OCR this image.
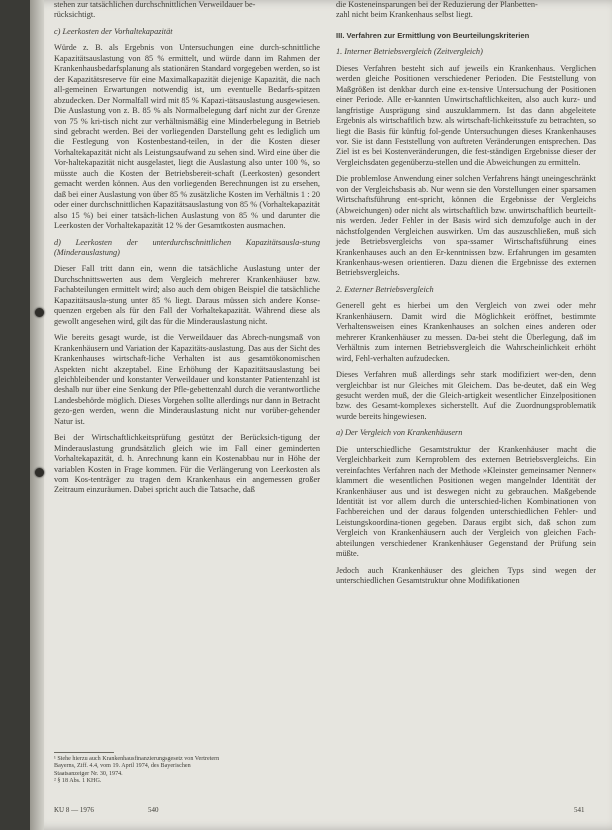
stehen zur tatsächlichen durchschnittlichen Verweildauer be-

rücksichtigt.

c) Leerkosten der Vorhaltekapazität

Würde z. B. als Ergebnis von Untersuchungen eine durch-schnittliche Kapazitätsauslastung von 85 % ermittelt, und würde dann im Rahmen der Krankenhausbedarfsplanung als stationären Standard vorgegeben werden, so ist der Kapazitätsreserve für eine Maximalkapazität diejenige Kapazität, die nach all-gemeinen Erwartungen notwendig ist, um eventuelle Bedarfs-spitzen abzudecken. Der Normalfall wird mit 85 % Kapazi-tätsauslastung ausgewiesen. Die Auslastung von z. B. 85 % als Normalbelegung darf nicht zur der Grenze von 75 % kri-tisch nicht zur verhältnismäßig eine Minderbelegung in Betrieb sind gebracht werden. Bei der vorliegenden Darstellung geht es lediglich um die Festlegung von Kostenbestand-teilen, in der die Kosten dieser Vorhaltekapazität nicht als Leistungsaufwand zu sehen sind. Wird eine über die Vor-haltekapazität nicht ausgelastet, liegt die Auslastung also unter 100 %, so müsste auch die Kosten der Betriebsbereit-schaft (Leerkosten) gesondert gemacht werden können. Aus den vorliegenden Berechnungen ist zu ersehen, daß bei einer Auslastung von über 85 % zusätzliche Kosten im Verhältnis 1 : 20 oder einer durchschnittlichen Kapazitätsauslastung von 85 % (Vorhaltekapazität also 15 %) bei einer tatsäch-lichen Auslastung von 85 % und darunter die Leerkosten der Vorhaltekapazität 12 % der Gesamtkosten ausmachen.

d) Leerkosten der unterdurchschnittlichen Kapazitätsausla-stung (Minderauslastung)

Dieser Fall tritt dann ein, wenn die tatsächliche Auslastung unter der Durchschnittswerten aus dem Vergleich mehrerer Krankenhäuser bzw. Fachabteilungen ermittelt wird; also auch dem obigen Beispiel die tatsächliche Kapazitätsausla-stung unter 85 % liegt. Daraus müssen sich andere Konse-quenzen ergeben als für den Fall der Vorhaltekapazität. Während diese als gewollt angesehen wird, gilt das für die Minderauslastung nicht.

Wie bereits gesagt wurde, ist die Verweildauer das Abrech-nungsmaß von Krankenhäusern und Variation der Kapazitäts-auslastung. Das aus der Sicht des Krankenhauses wirtschaft-liche Verhalten ist aus gesamtökonomischen Aspekten nicht akzeptabel. Eine Erhöhung der Kapazitätsauslastung bei gleichbleibender und konstanter Verweildauer und konstanter Patientenzahl ist deshalb nur über eine Senkung der Pfle-gebettenzahl durch die verantwortliche Landesbehörde möglich. Dieses Vorgehen sollte allerdings nur dann in Betracht gezo-gen werden, wenn die Minderauslastung nicht nur vorüber-gehender Natur ist.

Bei der Wirtschaftlichkeitsprüfung gestützt der Berücksich-tigung der Minderauslastung grundsätzlich gleich wie im Fall einer geminderten Vorhaltekapazität, d. h. Anrechnung kann ein Kostenabbau nur in Höhe der variablen Kosten in Frage kommen. Für die Verlängerung von Leerkosten als vom Kos-tenträger zu tragen dem Krankenhaus ein angemessen großer Zeitraum einzuräumen. Dabei spricht auch die Tatsache, daß

¹ Siehe hierzu auch Krankenhausfinanzierungsgesetz von Vertretern Bayerns, Ziff. 4.4, vom 19. April 1974, des Bayerischen Staatsanzeiger Nr. 30, 1974.
² § 18 Abs. 1 KHG.
KU 8 — 1976	540

die Kosteneinsparungen bei der Reduzierung der Planbetten-

zahl nicht beim Krankenhaus selbst liegt.

III. Verfahren zur Ermittlung von Beurteilungskriterien
1. Interner Betriebsvergleich (Zeitvergleich)

Dieses Verfahren besteht sich auf jeweils ein Krankenhaus. Verglichen werden gleiche Positionen verschiedener Perioden. Die Feststellung von Maßgrößen ist denkbar durch eine ex-tensive Untersuchung der Positionen einer Periode. Alle er-kannten Unwirtschaftlichkeiten, also auch kurz- und langfristige Ausprägung sind auszuklammern. Ist das dann abgeleitete Ergebnis als wirtschaftlich bzw. als wirtschaft-lichkeitsstufe zu betrachten, so liegt die Basis für künftig fol-gende Untersuchungen dieses Krankenhauses vor. Sie ist dann Feststellung von auftreten Veränderungen entsprechen. Das Ziel ist es bei Kostenveränderungen, die fest-ständigen Ergebnisse dieser der Vergleichsdaten gegenüberzu-stellen und die Abweichungen zu ermitteln.

Die problemlose Anwendung einer solchen Verfahrens hängt uneingeschränkt von der Vergleichsbasis ab. Nur wenn sie den Vorstellungen einer sparsamen Wirtschaftsführung ent-spricht, können die Ergebnisse der Vergleichs (Abweichungen) oder nicht als wirtschaftlich bzw. unwirtschaftlich beurteilt-nis werden. Jeder Fehler in der Basis wird sich demzufolge auch in der nächstfolgenden Vergleichen auswirken. Um das auszuschließen, muß sich jede Betriebsvergleichs von spa-ssamer Wirtschaftsführung eines Krankenhauses auch an den Er-kenntnissen bzw. Erfahrungen im gesamten Krankenhaus-wesen orientieren. Dazu dienen die Ergebnisse des externen Betriebsvergleichs.

2. Externer Betriebsvergleich

Generell geht es hierbei um den Vergleich von zwei oder mehr Krankenhäusern. Damit wird die Möglichkeit eröffnet, bestimmte Verhaltensweisen eines Krankenhauses an solchen eines anderen oder mehrerer Krankenhäuser zu messen. Da-bei steht die Überlegung, daß im Verhältnis zum internen Betriebsvergleich die Wahrscheinlichkeit erhöht wird, Fehl-verhalten aufzudecken.

Dieses Verfahren muß allerdings sehr stark modifiziert wer-den, denn vergleichbar ist nur Gleiches mit Gleichem. Das be-deutet, daß ein Weg gesucht werden muß, der die Gleich-artigkeit wesentlicher Einzelpositionen bzw. des Gesamt-komplexes sicherstellt. Auf die Zuordnungsproblematik wurde bereits hingewiesen.

a) Der Vergleich von Krankenhäusern

Die unterschiedliche Gesamtstruktur der Krankenhäuser macht die Vergleichbarkeit zum Kernproblem des externen Betriebsvergleichs. Ein vereinfachtes Verfahren nach der Methode »Kleinster gemeinsamer Nenner« klammert die wesentlichen Positionen wegen mangelnder Identität der Krankenhäuser aus und ist deswegen nicht zu gebrauchen. Maßgebende Identität ist vor allem durch die unterschied-lichen Kombinationen von Fachbereichen und der daraus folgenden unterschiedlichen Fehler- und Leistungskoordina-tionen gegeben. Daraus ergibt sich, daß schon zum Vergleich von Krankenhäusern auch der Vergleich von gleichen Fach-abteilungen verschiedener Krankenhäuser Gegenstand der Prüfung sein müßte.

Jedoch auch Krankenhäuser des gleichen Typs sind wegen der unterschiedlichen Gesamtstruktur ohne Modifikationen

541
